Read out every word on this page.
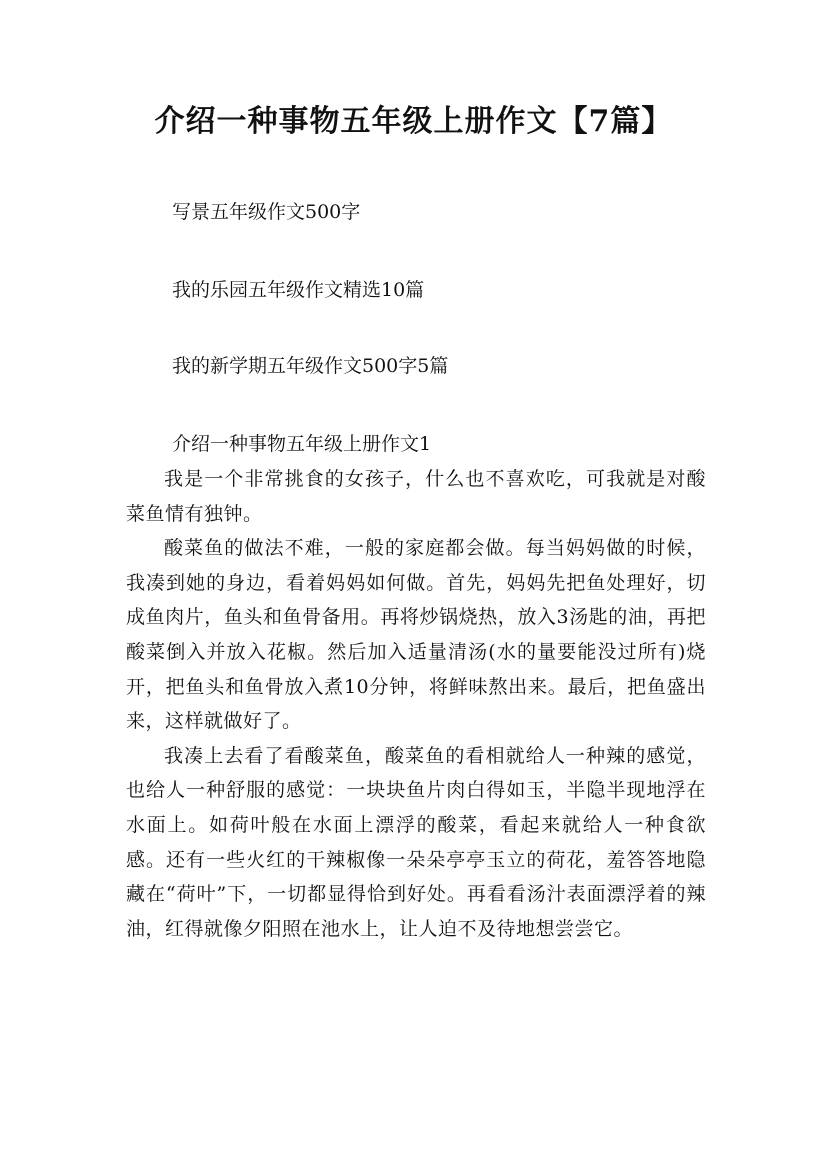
介绍一种事物五年级上册作文【7篇】

写景五年级作文500字

我的乐园五年级作文精选10篇

我的新学期五年级作文500字5篇

介绍一种事物五年级上册作文1

我是一个非常挑食的女孩子，什么也不喜欢吃，可我就是对酸菜鱼情有独钟。

酸菜鱼的做法不难，一般的家庭都会做。每当妈妈做的时候，我凑到她的身边，看着妈妈如何做。首先，妈妈先把鱼处理好，切成鱼肉片，鱼头和鱼骨备用。再将炒锅烧热，放入3汤匙的油，再把酸菜倒入并放入花椒。然后加入适量清汤(水的量要能没过所有)烧开，把鱼头和鱼骨放入煮10分钟，将鲜味熬出来。最后，把鱼盛出来，这样就做好了。

我凑上去看了看酸菜鱼，酸菜鱼的看相就给人一种辣的感觉，也给人一种舒服的感觉：一块块鱼片肉白得如玉，半隐半现地浮在水面上。如荷叶般在水面上漂浮的酸菜，看起来就给人一种食欲感。还有一些火红的干辣椒像一朵朵亭亭玉立的荷花，羞答答地隐藏在“荷叶”下，一切都显得恰到好处。再看看汤汁表面漂浮着的辣油，红得就像夕阳照在池水上，让人迫不及待地想尝尝它。
